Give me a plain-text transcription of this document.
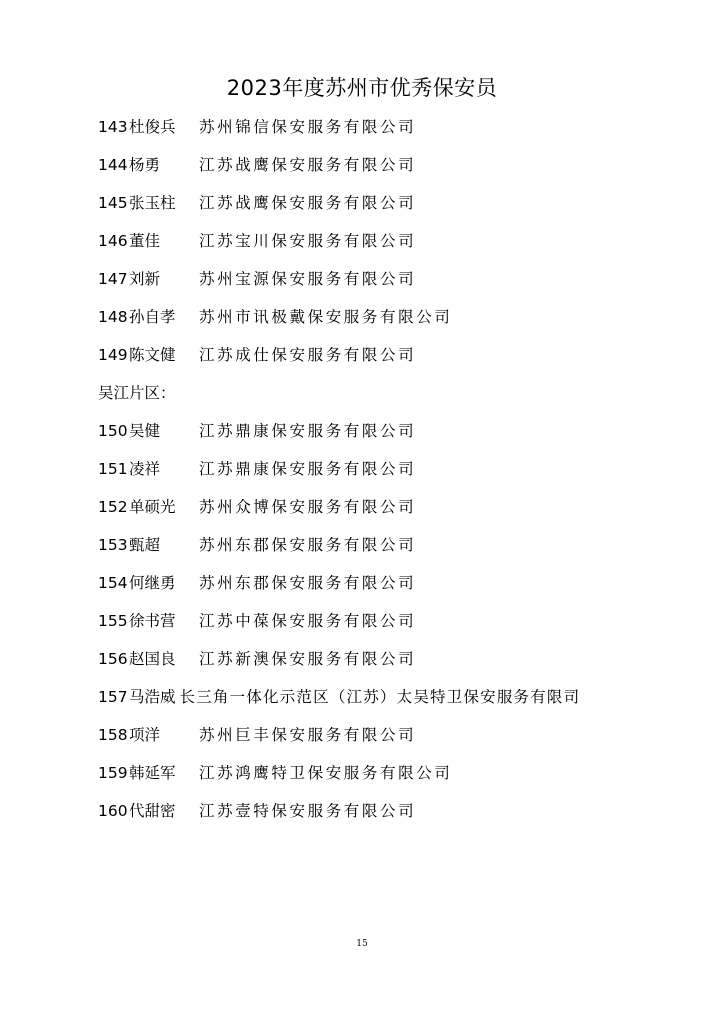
2023年度苏州市优秀保安员
143杜俊兵 苏州锦信保安服务有限公司
144杨勇	江苏战鹰保安服务有限公司
145张玉柱 江苏战鹰保安服务有限公司
146董佳	江苏宝川保安服务有限公司
147刘新	苏州宝源保安服务有限公司
148孙自孝 苏州市讯极戴保安服务有限公司
149陈文健 江苏成仕保安服务有限公司
吴江片区：
150吴健	江苏鼎康保安服务有限公司
151凌祥	江苏鼎康保安服务有限公司
152单硕光 苏州众博保安服务有限公司
153甄超	苏州东郡保安服务有限公司
154何继勇 苏州东郡保安服务有限公司
155徐书营 江苏中葆保安服务有限公司
156赵国良 江苏新澳保安服务有限公司
157马浩威 长三角一体化示范区（江苏）太吴特卫保安服务有限司
158项洋	苏州巨丰保安服务有限公司
159韩延军 江苏鸿鹰特卫保安服务有限公司
160代甜密 江苏壹特保安服务有限公司
15
